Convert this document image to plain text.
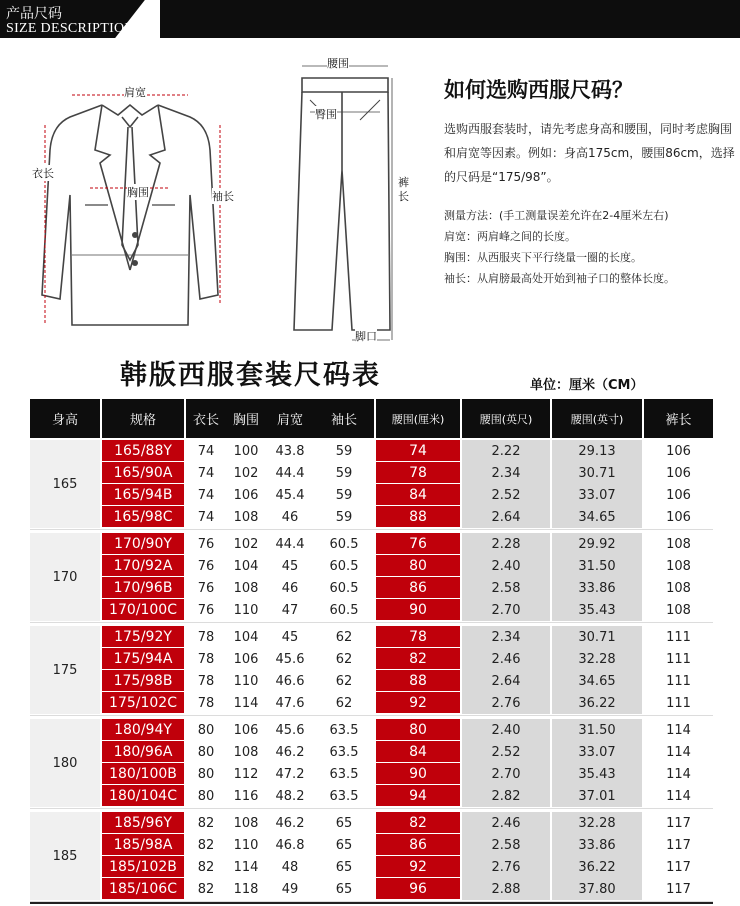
产品尺码
SIZE DESCRIPTION
肩宽
衣长
胸围	袖长
腰围
臀围
裤长
脚口
如何选购西服尺码？
选购西服套装时，请先考虑身高和腰围，同时考虑胸围和肩宽等因素。例如：身高175cm，腰围86cm，选择的尺码是“175/98”。
测量方法：(手工测量误差允许在2-4厘米左右)
肩宽：两肩峰之间的长度。
胸围：从西服夹下平行绕量一圈的长度。
袖长：从肩膀最高处开始到袖子口的整体长度。
韩版西服套装尺码表	单位：厘米（CM）
身高	规格	衣长	胸围	肩宽	袖长	腰围(厘米)	腰围(英尺)	腰围(英寸)	裤长
165
165/88Y	74	100	43.8	59	74	2.22	29.13	106
165/90A	74	102	44.4	59	78	2.34	30.71	106
165/94B	74	106	45.4	59	84	2.52	33.07	106
165/98C	74	108	46	59	88	2.64	34.65	106
170
170/90Y	76	102	44.4	60.5	76	2.28	29.92	108
170/92A	76	104	45	60.5	80	2.40	31.50	108
170/96B	76	108	46	60.5	86	2.58	33.86	108
170/100C	76	110	47	60.5	90	2.70	35.43	108
175
175/92Y	78	104	45	62	78	2.34	30.71	111
175/94A	78	106	45.6	62	82	2.46	32.28	111
175/98B	78	110	46.6	62	88	2.64	34.65	111
175/102C	78	114	47.6	62	92	2.76	36.22	111
180
180/94Y	80	106	45.6	63.5	80	2.40	31.50	114
180/96A	80	108	46.2	63.5	84	2.52	33.07	114
180/100B	80	112	47.2	63.5	90	2.70	35.43	114
180/104C	80	116	48.2	63.5	94	2.82	37.01	114
185
185/96Y	82	108	46.2	65	82	2.46	32.28	117
185/98A	82	110	46.8	65	86	2.58	33.86	117
185/102B	82	114	48	65	92	2.76	36.22	117
185/106C	82	118	49	65	96	2.88	37.80	117
